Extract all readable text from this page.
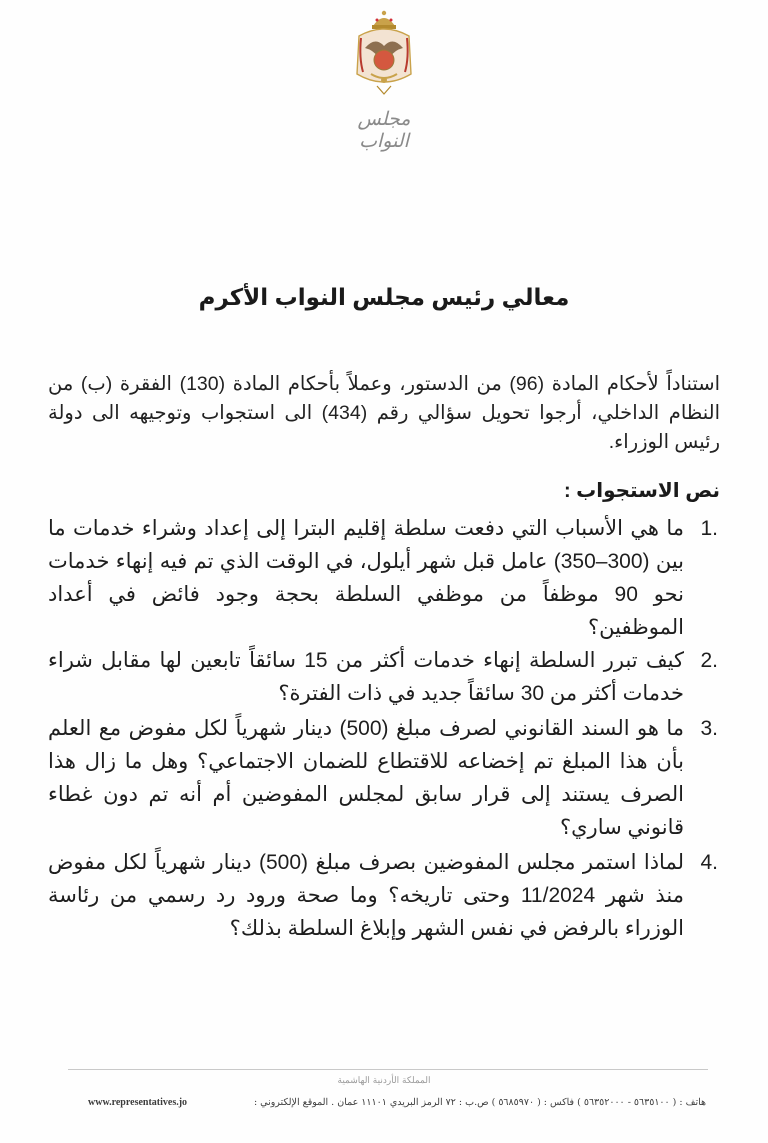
مجلس النواب
معالي رئيس مجلس النواب الأكرم

استناداً لأحكام المادة (96) من الدستور، وعملاً بأحكام المادة (130) الفقرة (ب) من النظام الداخلي، أرجوا تحويل سؤالي رقم (434) الى استجواب وتوجيهه الى دولة رئيس الوزراء.

نص الاستجواب :
1.
ما هي الأسباب التي دفعت سلطة إقليم البترا إلى إعداد وشراء خدمات ما بين (300–350) عامل قبل شهر أيلول، في الوقت الذي تم فيه إنهاء خدمات نحو 90 موظفاً من موظفي السلطة بحجة وجود فائض في أعداد الموظفين؟
2.
كيف تبرر السلطة إنهاء خدمات أكثر من 15 سائقاً تابعين لها مقابل شراء خدمات أكثر من 30 سائقاً جديد في ذات الفترة؟
3.
ما هو السند القانوني لصرف مبلغ (500) دينار شهرياً لكل مفوض مع العلم بأن هذا المبلغ تم إخضاعه للاقتطاع للضمان الاجتماعي؟ وهل ما زال هذا الصرف يستند إلى قرار سابق لمجلس المفوضين أم أنه تم دون غطاء قانوني ساري؟
4.
لماذا استمر مجلس المفوضين بصرف مبلغ (500) دينار شهرياً لكل مفوض منذ شهر 11/2024 وحتى تاريخه؟ وما صحة ورود رد رسمي من رئاسة الوزراء بالرفض في نفس الشهر وإبلاغ السلطة بذلك؟
المملكة الأردنية الهاشمية
هاتف : ( ٥٦٣٥١٠٠ - ٥٦٣٥٢٠٠٠ ) فاكس : ( ٥٦٨٥٩٧٠ ) ص.ب : ٧٢ الرمز البريدي ١١١٠١ عمان . الموقع الإلكتروني :
www.representatives.jo
